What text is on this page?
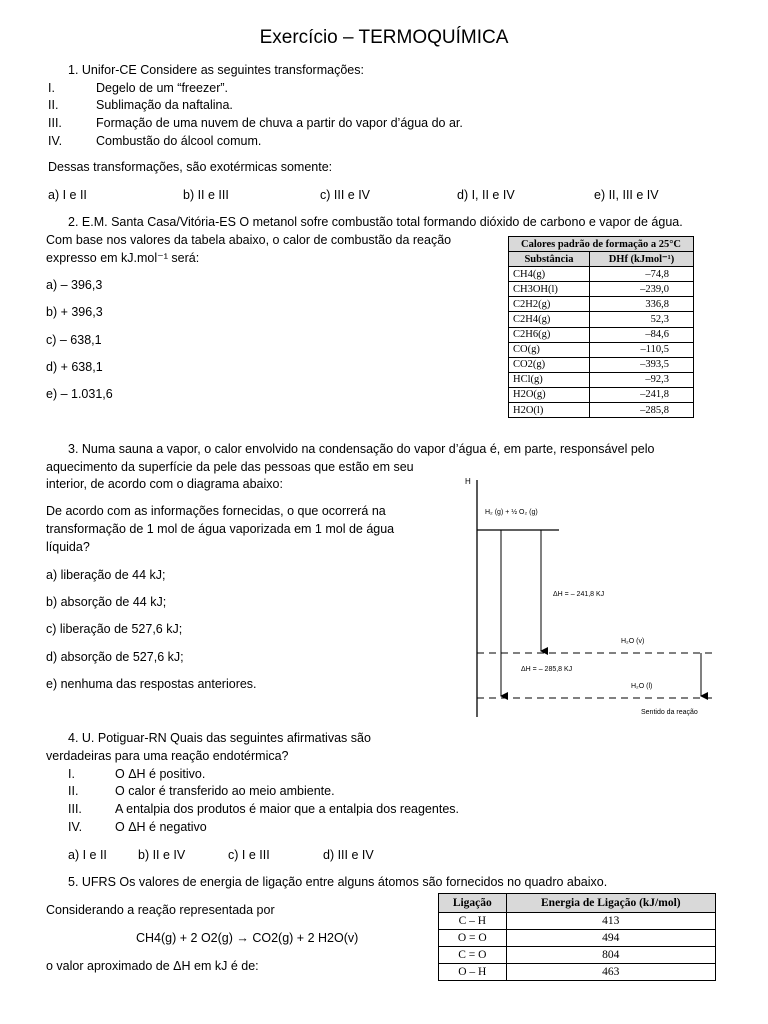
Exercício – TERMOQUÍMICA
1. Unifor-CE Considere as seguintes transformações:
I.	Degelo de um “freezer”.
II.	Sublimação da naftalina.
III.	Formação de uma nuvem de chuva a partir do vapor d’água do ar.
IV.	Combustão do álcool comum.
Dessas transformações, são exotérmicas somente:
a) I e II	b) II e III	c) III e IV	d) I, II e IV	e) II, III e IV
2. E.M. Santa Casa/Vitória-ES O metanol sofre combustão total formando dióxido de carbono e vapor de água.
Com base nos valores da tabela abaixo, o calor de combustão da reação
expresso em kJ.mol⁻¹ será:
a) – 396,3
b) + 396,3
c) – 638,1
d) + 638,1
e) – 1.031,6
Calores padrão de formação a 25°C	
Substância	DHf (kJmol⁻¹)
CH4(g)	–74,8
CH3OH(l)	–239,0
C2H2(g)	336,8
C2H4(g)	52,3
C2H6(g)	–84,6
CO(g)	–110,5
CO2(g)	–393,5
HCl(g)	–92,3
H2O(g)	–241,8
H2O(l)	–285,8
3. Numa sauna a vapor, o calor envolvido na condensação do vapor d’água é, em parte, responsável pelo
aquecimento da superfície da pele das pessoas que estão em seu
interior, de acordo com o diagrama abaixo:
De acordo com as informações fornecidas, o que ocorrerá na
transformação de 1 mol de água vaporizada em 1 mol de água
líquida?
a) liberação de 44 kJ;
b) absorção de 44 kJ;
c) liberação de 527,6 kJ;
d) absorção de 527,6 kJ;
e) nenhuma das respostas anteriores.
H
H₂ (g) + ½ O₂ (g)
ΔH = – 241,8 KJ
ΔH = – 285,8 KJ
H₂O (v)
H₂O (l)
Sentido da reação
4. U. Potiguar-RN Quais das seguintes afirmativas são
verdadeiras para uma reação endotérmica?
I.	O ΔH é positivo.
II.	O calor é transferido ao meio ambiente.
III.	A entalpia dos produtos é maior que a entalpia dos reagentes.
IV.	O ΔH é negativo
a) I e II b) II e IV	c) I e III	d) III e IV
5. UFRS Os valores de energia de ligação entre alguns átomos são fornecidos no quadro abaixo.
Considerando a reação representada por
CH4(g) + 2 O2(g) → CO2(g) + 2 H2O(v)
o valor aproximado de ΔH em kJ é de:
Ligação	Energia de Ligação (kJ/mol)
C – H	413
O = O	494
C = O	804
O – H	463
